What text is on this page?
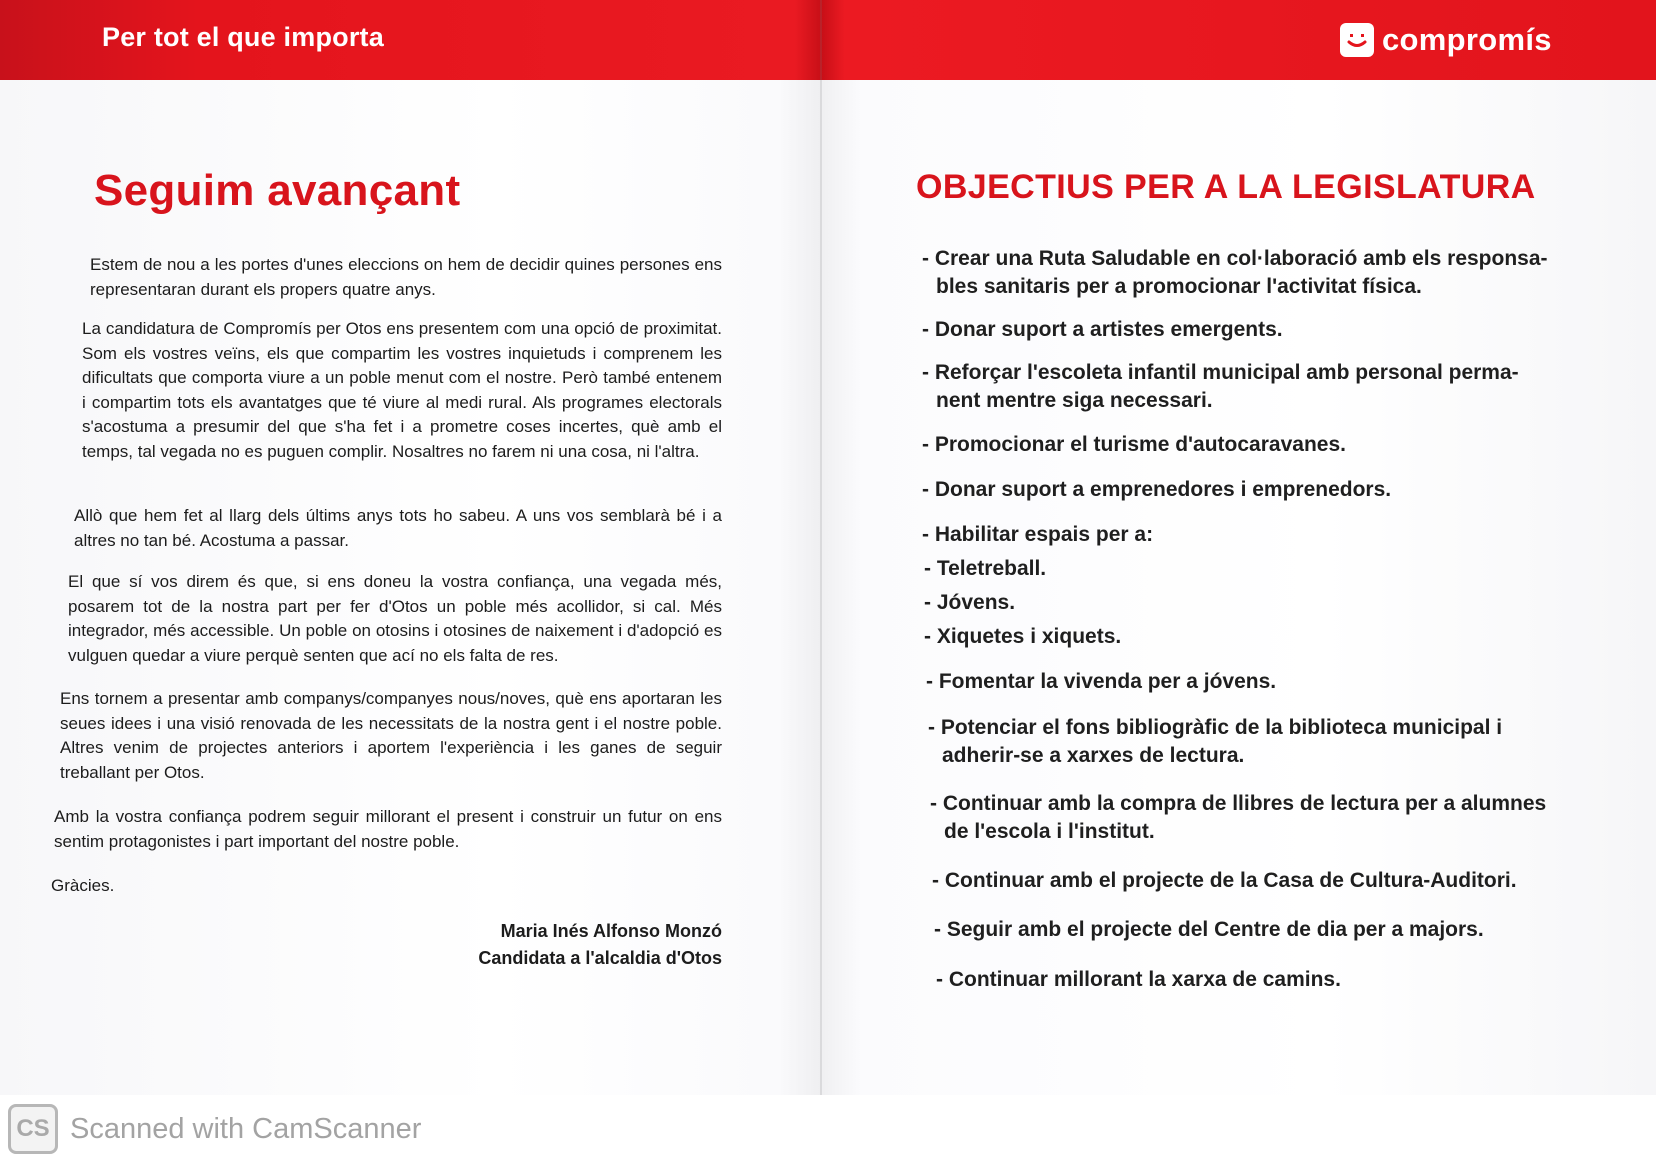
Per tot el que importa	compromís
Seguim avançant

Estem de nou a les portes d'unes eleccions on hem de decidir quines persones ens representaran durant els propers quatre anys.

La candidatura de Compromís per Otos ens presentem com una opció de proximitat. Som els vostres veïns, els que compartim les vostres inquietuds i comprenem les dificultats que comporta viure a un poble menut com el nostre. Però també entenem i compartim tots els avantatges que té viure al medi rural. Als programes electorals s'acostuma a presumir del que s'ha fet i a prometre coses incertes, què amb el temps, tal vegada no es puguen complir. Nosaltres no farem ni una cosa, ni l'altra.

Allò que hem fet al llarg dels últims anys tots ho sabeu. A uns vos semblarà bé i a altres no tan bé. Acostuma a passar.

El que sí vos direm és que, si ens doneu la vostra confiança, una vegada més, posarem tot de la nostra part per fer d'Otos un poble més acollidor, si cal. Més integrador, més accessible. Un poble on otosins i otosines de naixement i d'adopció es vulguen quedar a viure perquè senten que ací no els falta de res.

Ens tornem a presentar amb companys/companyes nous/noves, què ens aportaran les seues idees i una visió renovada de les necessitats de la nostra gent i el nostre poble. Altres venim de projectes anteriors i aportem l'experiència i les ganes de seguir treballant per Otos.

Amb la vostra confiança podrem seguir millorant el present i construir un futur on ens sentim protagonistes i part important del nostre poble.

Gràcies.

Maria Inés Alfonso Monzó
Candidata a l'alcaldia d'Otos
OBJECTIUS PER A LA LEGISLATURA
- Crear una Ruta Saludable en col·laboració amb els responsa-
bles sanitaris per a promocionar l'activitat física.
- Donar suport a artistes emergents.
- Reforçar l'escoleta infantil municipal amb personal perma-
nent mentre siga necessari.
- Promocionar el turisme d'autocaravanes.
- Donar suport a emprenedores i emprenedors.
- Habilitar espais per a:
- Teletreball.
- Jóvens.
- Xiquetes i xiquets.
- Fomentar la vivenda per a jóvens.
- Potenciar el fons bibliogràfic de la biblioteca municipal i
adherir-se a xarxes de lectura.
- Continuar amb la compra de llibres de lectura per a alumnes
de l'escola i l'institut.
- Continuar amb el projecte de la Casa de Cultura-Auditori.
- Seguir amb el projecte del Centre de dia per a majors.
- Continuar millorant la xarxa de camins.
CS Scanned with CamScanner
